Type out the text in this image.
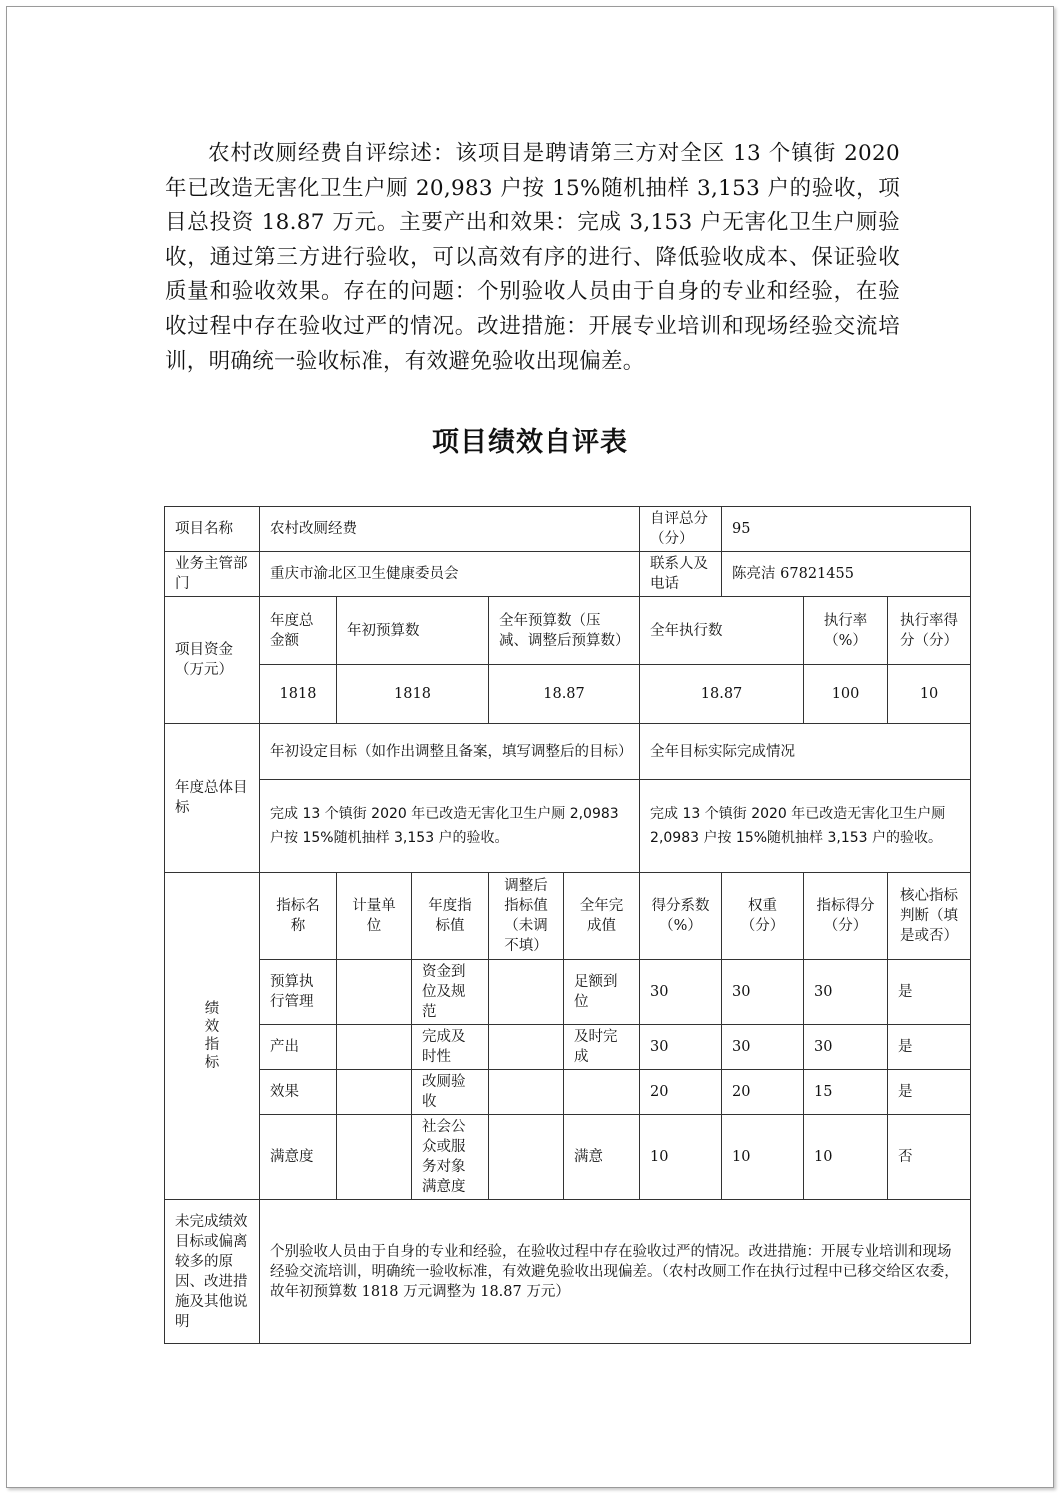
农村改厕经费自评综述：该项目是聘请第三方对全区 13 个镇街 2020 年已改造无害化卫生户厕 20,983 户按 15%随机抽样 3,153 户的验收，项目总投资 18.87 万元。主要产出和效果：完成 3,153 户无害化卫生户厕验收，通过第三方进行验收，可以高效有序的进行、降低验收成本、保证验收质量和验收效果。存在的问题：个别验收人员由于自身的专业和经验，在验收过程中存在验收过严的情况。改进措施：开展专业培训和现场经验交流培训，明确统一验收标准，有效避免验收出现偏差。

项目绩效自评表
项目名称	农村改厕经费					自评总分（分）	95		
业务主管部门	重庆市渝北区卫生健康委员会					联系人及电话	陈亮洁 67821455		
项目资金（万元）	年度总金额	年初预算数		全年预算数（压减、调整后预算数）		全年执行数		执行率（%）	执行率得分（分）
	1818	1818		18.87		18.87		100	10
年度总体目标	年初设定目标（如作出调整且备案，填写调整后的目标）					全年目标实际完成情况			
	完成 13 个镇街 2020 年已改造无害化卫生户厕 2,0983 户按 15%随机抽样 3,153 户的验收。					完成 13 个镇街 2020 年已改造无害化卫生户厕 2,0983 户按 15%随机抽样 3,153 户的验收。			
绩效指标	指标名称	计量单位	年度指标值	调整后指标值（未调不填）	全年完成值	得分系数（%）	权重（分）	指标得分（分）	核心指标判断（填是或否）
	预算执行管理		资金到位及规范		足额到位	30	30	30	是
	产出		完成及时性		及时完成	30	30	30	是
	效果		改厕验收			20	20	15	是
	满意度		社会公众或服务对象满意度		满意	10	10	10	否
未完成绩效目标或偏离较多的原因、改进措施及其他说明	个别验收人员由于自身的专业和经验，在验收过程中存在验收过严的情况。改进措施：开展专业培训和现场经验交流培训，明确统一验收标准，有效避免验收出现偏差。（农村改厕工作在执行过程中已移交给区农委，故年初预算数 1818 万元调整为 18.87 万元）								
